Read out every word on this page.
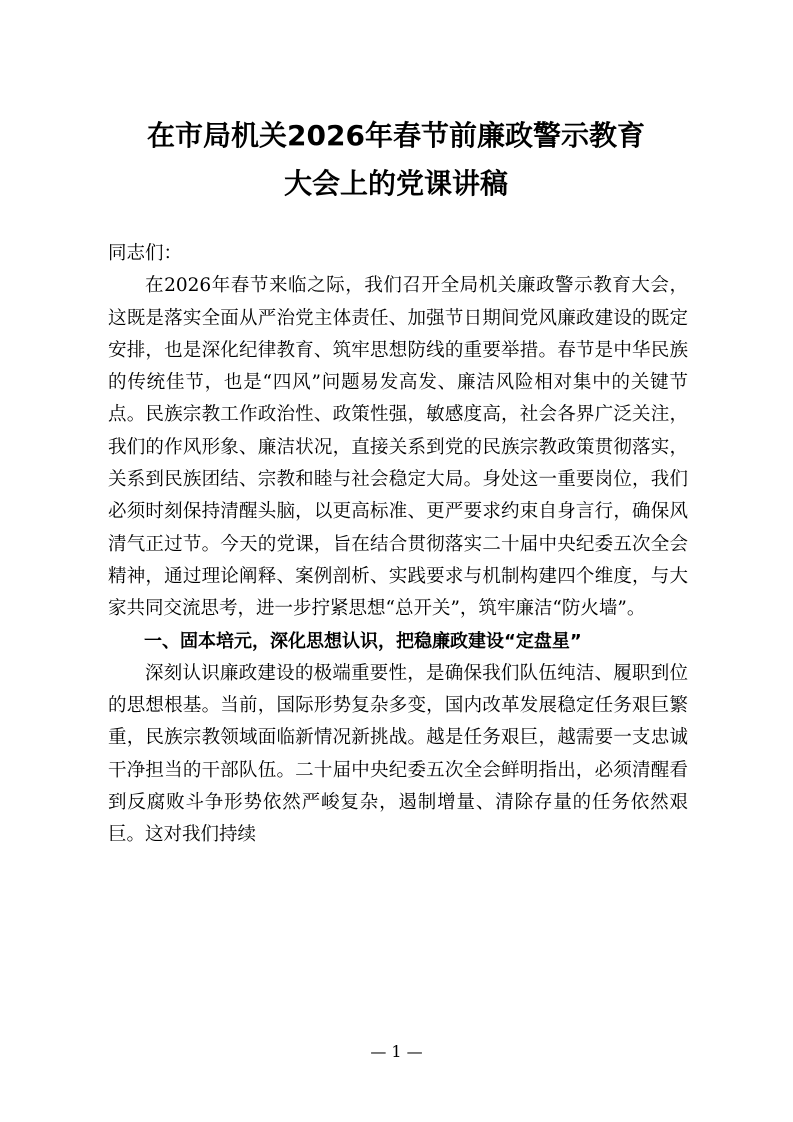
在市局机关2026年春节前廉政警示教育
大会上的党课讲稿

同志们：

在2026年春节来临之际，我们召开全局机关廉政警示教育大会，这既是落实全面从严治党主体责任、加强节日期间党风廉政建设的既定安排，也是深化纪律教育、筑牢思想防线的重要举措。春节是中华民族的传统佳节，也是“四风”问题易发高发、廉洁风险相对集中的关键节点。民族宗教工作政治性、政策性强，敏感度高，社会各界广泛关注，我们的作风形象、廉洁状况，直接关系到党的民族宗教政策贯彻落实，关系到民族团结、宗教和睦与社会稳定大局。身处这一重要岗位，我们必须时刻保持清醒头脑，以更高标准、更严要求约束自身言行，确保风清气正过节。今天的党课，旨在结合贯彻落实二十届中央纪委五次全会精神，通过理论阐释、案例剖析、实践要求与机制构建四个维度，与大家共同交流思考，进一步拧紧思想“总开关”，筑牢廉洁“防火墙”。

一、固本培元，深化思想认识，把稳廉政建设“定盘星”

深刻认识廉政建设的极端重要性，是确保我们队伍纯洁、履职到位的思想根基。当前，国际形势复杂多变，国内改革发展稳定任务艰巨繁重，民族宗教领域面临新情况新挑战。越是任务艰巨，越需要一支忠诚干净担当的干部队伍。二十届中央纪委五次全会鲜明指出，必须清醒看到反腐败斗争形势依然严峻复杂，遏制增量、清除存量的任务依然艰巨。这对我们持续

— 1 —
